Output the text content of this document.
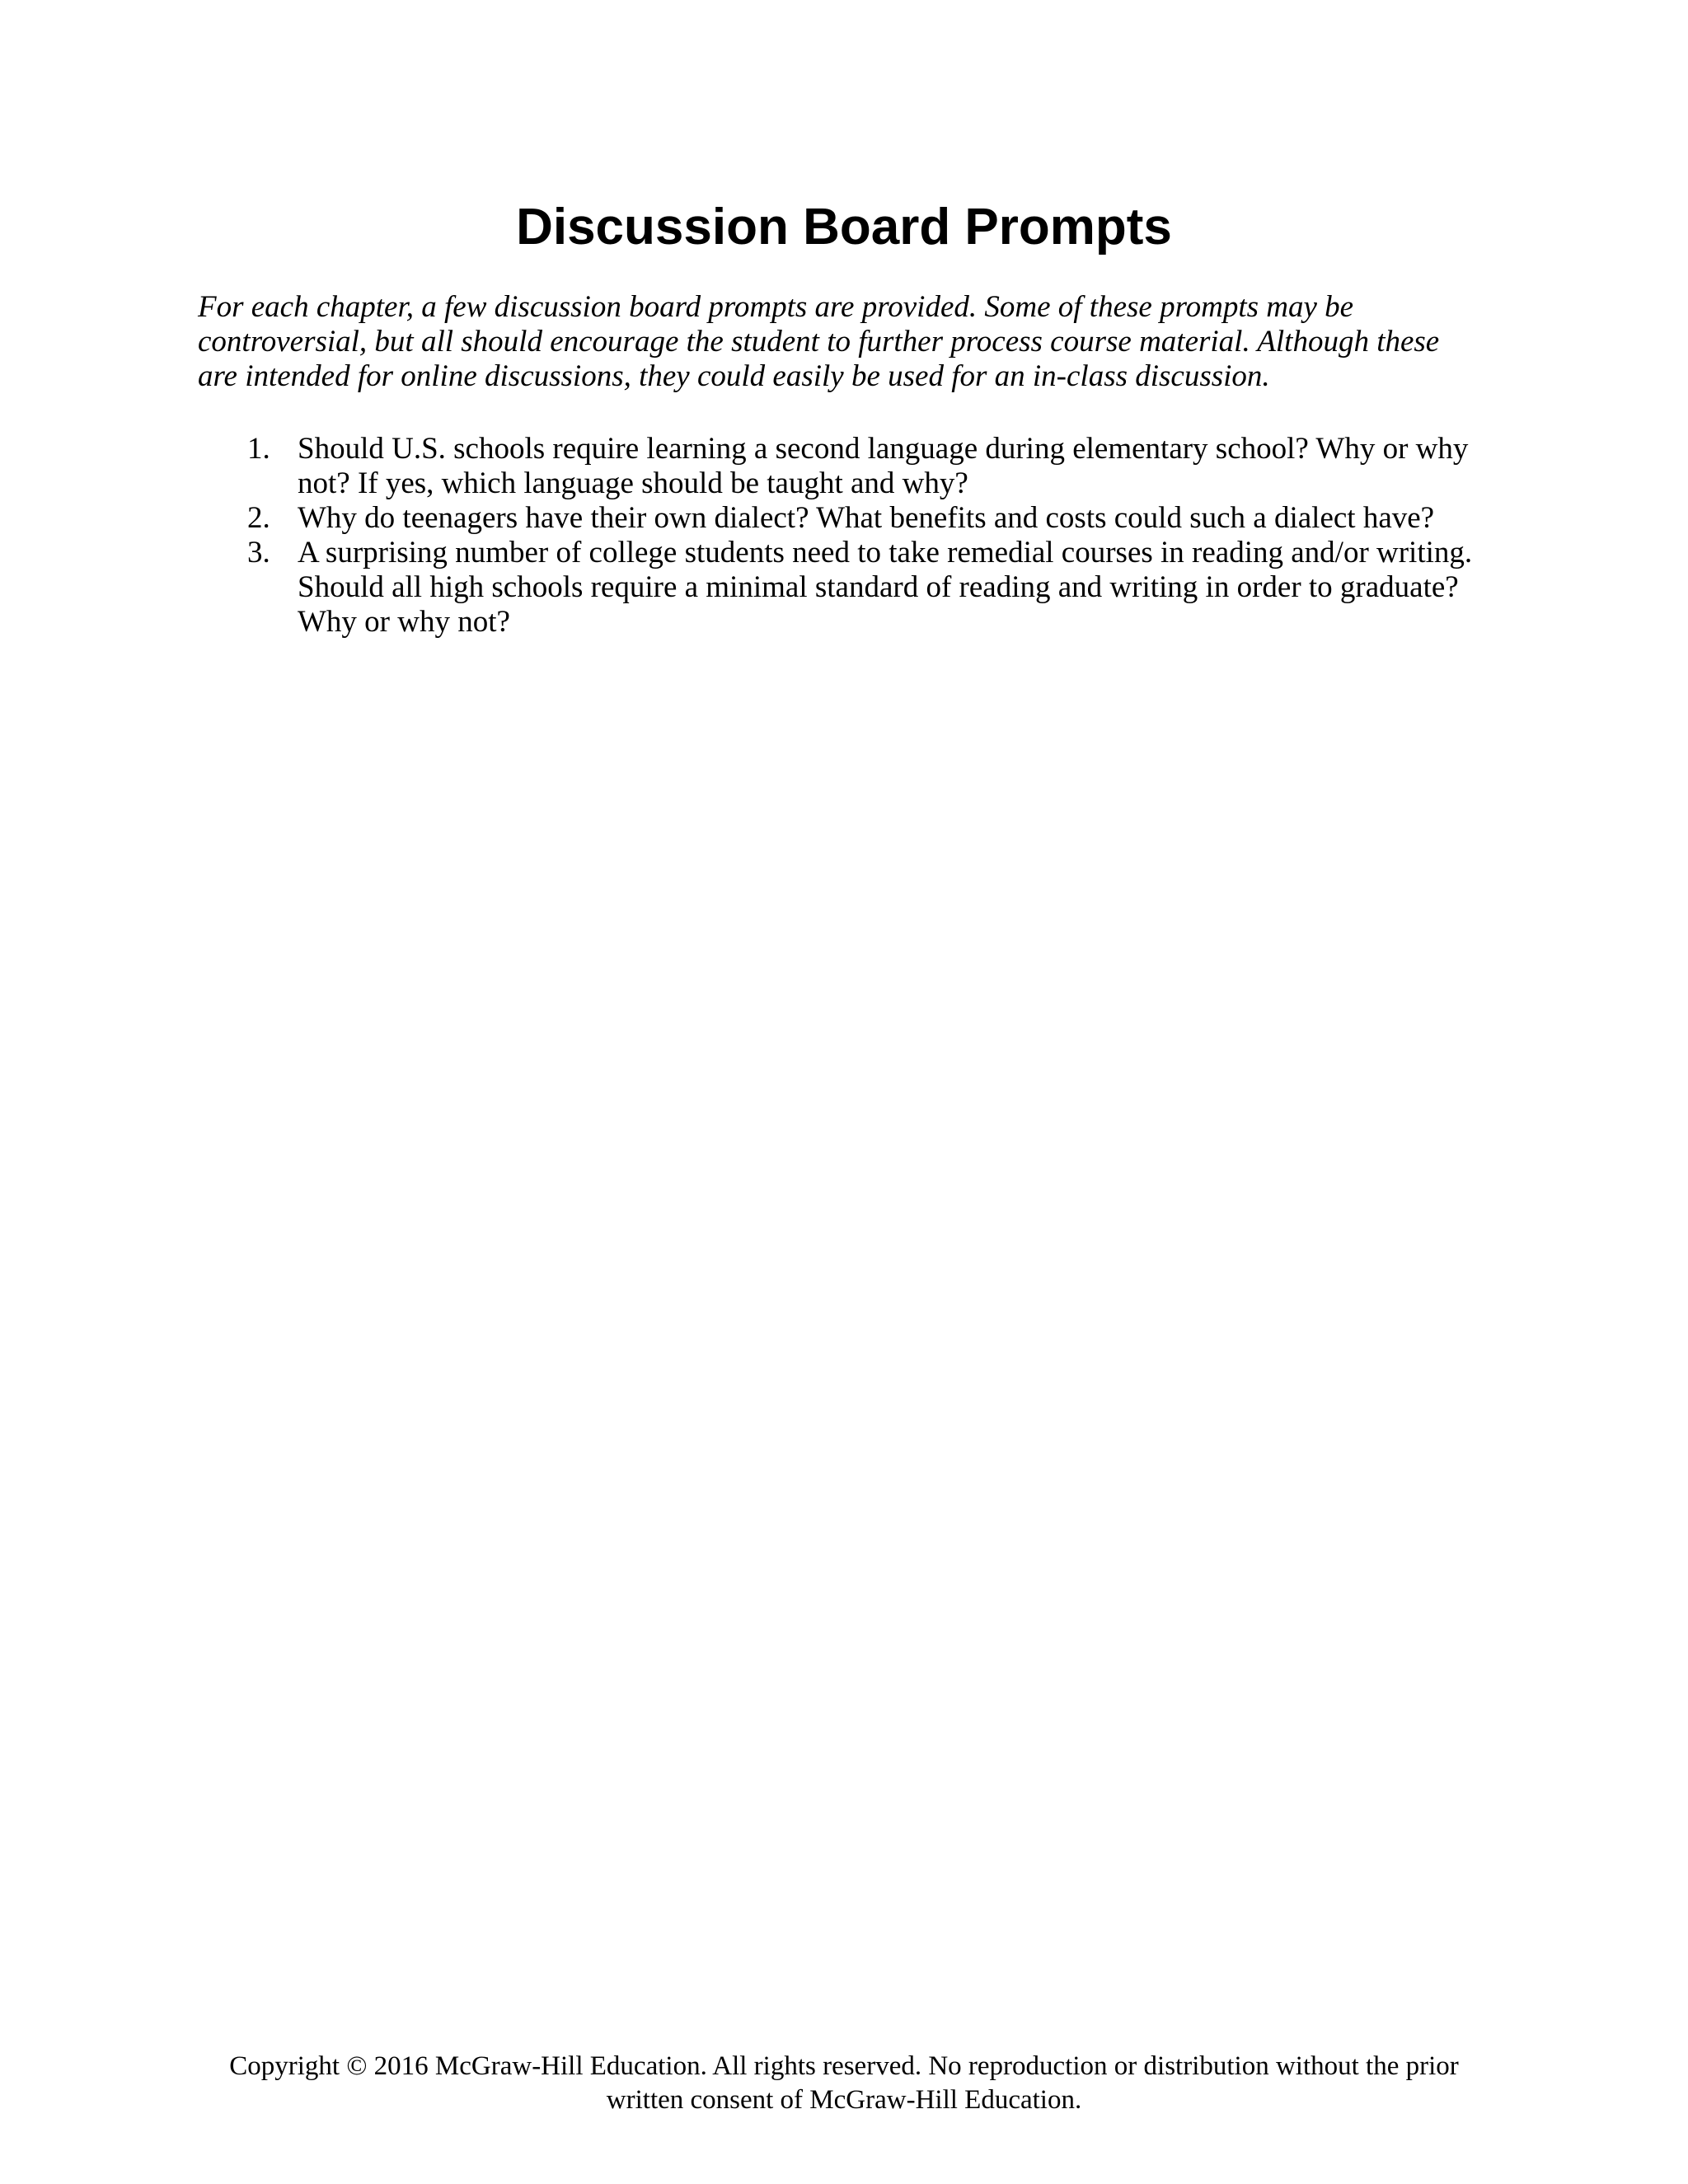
Discussion Board Prompts

For each chapter, a few discussion board prompts are provided. Some of these prompts may be
controversial, but all should encourage the student to further process course material. Although these
are intended for online discussions, they could easily be used for an in-class discussion.

1. Should U.S. schools require learning a second language during elementary school? Why or why
not? If yes, which language should be taught and why?
2. Why do teenagers have their own dialect? What benefits and costs could such a dialect have?
3. A surprising number of college students need to take remedial courses in reading and/or writing.
Should all high schools require a minimal standard of reading and writing in order to graduate?
Why or why not?

Copyright © 2016 McGraw-Hill Education. All rights reserved. No reproduction or distribution without the prior
written consent of McGraw-Hill Education.
